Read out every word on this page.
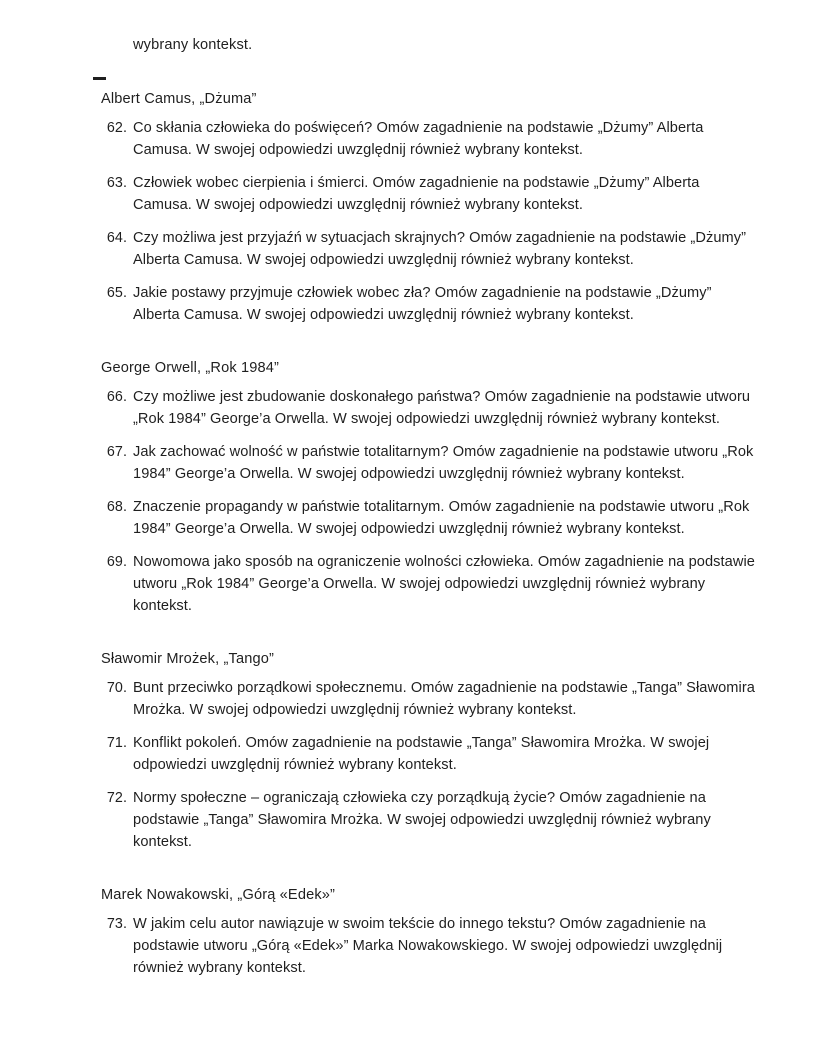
wybrany kontekst.
Albert Camus, „Dżuma”
62. Co skłania człowieka do poświęceń? Omów zagadnienie na podstawie „Dżumy” Alberta Camusa. W swojej odpowiedzi uwzględnij również wybrany kontekst.
63. Człowiek wobec cierpienia i śmierci. Omów zagadnienie na podstawie „Dżumy” Alberta Camusa. W swojej odpowiedzi uwzględnij również wybrany kontekst.
64. Czy możliwa jest przyjaźń w sytuacjach skrajnych? Omów zagadnienie na podstawie „Dżumy” Alberta Camusa. W swojej odpowiedzi uwzględnij również wybrany kontekst.
65. Jakie postawy przyjmuje człowiek wobec zła? Omów zagadnienie na podstawie „Dżumy” Alberta Camusa. W swojej odpowiedzi uwzględnij również wybrany kontekst.
George Orwell, „Rok 1984”
66. Czy możliwe jest zbudowanie doskonałego państwa? Omów zagadnienie na podstawie utworu „Rok 1984” George’a Orwella. W swojej odpowiedzi uwzględnij również wybrany kontekst.
67. Jak zachować wolność w państwie totalitarnym? Omów zagadnienie na podstawie utworu „Rok 1984” George’a Orwella. W swojej odpowiedzi uwzględnij również wybrany kontekst.
68. Znaczenie propagandy w państwie totalitarnym. Omów zagadnienie na podstawie utworu „Rok 1984” George’a Orwella. W swojej odpowiedzi uwzględnij również wybrany kontekst.
69. Nowomowa jako sposób na ograniczenie wolności człowieka. Omów zagadnienie na podstawie utworu „Rok 1984” George’a Orwella. W swojej odpowiedzi uwzględnij również wybrany kontekst.
Sławomir Mrożek, „Tango”
70. Bunt przeciwko porządkowi społecznemu. Omów zagadnienie na podstawie „Tanga” Sławomira Mrożka. W swojej odpowiedzi uwzględnij również wybrany kontekst.
71. Konflikt pokoleń. Omów zagadnienie na podstawie „Tanga” Sławomira Mrożka. W swojej odpowiedzi uwzględnij również wybrany kontekst.
72. Normy społeczne – ograniczają człowieka czy porządkują życie? Omów zagadnienie na podstawie „Tanga” Sławomira Mrożka. W swojej odpowiedzi uwzględnij również wybrany kontekst.
Marek Nowakowski, „Górą «Edek»”
73. W jakim celu autor nawiązuje w swoim tekście do innego tekstu? Omów zagadnienie na podstawie utworu „Górą «Edek»” Marka Nowakowskiego. W swojej odpowiedzi uwzględnij również wybrany kontekst.
